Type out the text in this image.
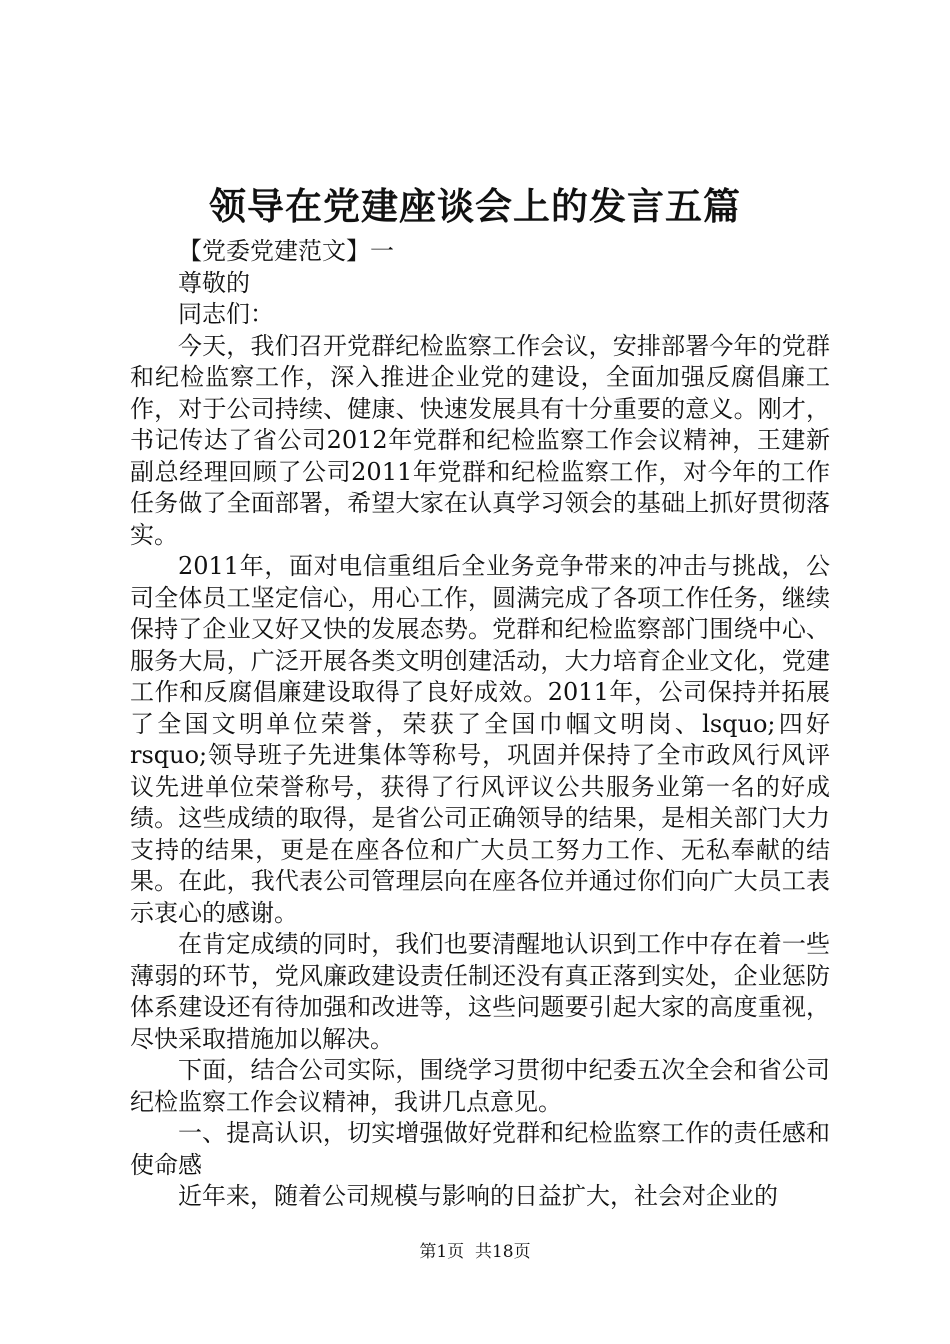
领导在党建座谈会上的发言五篇

【党委党建范文】一

尊敬的

同志们：

今天，我们召开党群纪检监察工作会议，安排部署今年的党群和纪检监察工作，深入推进企业党的建设，全面加强反腐倡廉工作，对于公司持续、健康、快速发展具有十分重要的意义。刚才，书记传达了省公司2012年党群和纪检监察工作会议精神，王建新副总经理回顾了公司2011年党群和纪检监察工作，对今年的工作任务做了全面部署，希望大家在认真学习领会的基础上抓好贯彻落实。

2011年，面对电信重组后全业务竞争带来的冲击与挑战，公司全体员工坚定信心，用心工作，圆满完成了各项工作任务，继续保持了企业又好又快的发展态势。党群和纪检监察部门围绕中心、服务大局，广泛开展各类文明创建活动，大力培育企业文化，党建工作和反腐倡廉建设取得了良好成效。2011年，公司保持并拓展了全国文明单位荣誉，荣获了全国巾帼文明岗、lsquo;四好rsquo;领导班子先进集体等称号，巩固并保持了全市政风行风评议先进单位荣誉称号，获得了行风评议公共服务业第一名的好成绩。这些成绩的取得，是省公司正确领导的结果，是相关部门大力支持的结果，更是在座各位和广大员工努力工作、无私奉献的结果。在此，我代表公司管理层向在座各位并通过你们向广大员工表示衷心的感谢。

在肯定成绩的同时，我们也要清醒地认识到工作中存在着一些薄弱的环节，党风廉政建设责任制还没有真正落到实处，企业惩防体系建设还有待加强和改进等，这些问题要引起大家的高度重视，尽快采取措施加以解决。

下面，结合公司实际，围绕学习贯彻中纪委五次全会和省公司纪检监察工作会议精神，我讲几点意见。

一、提高认识，切实增强做好党群和纪检监察工作的责任感和使命感

近年来，随着公司规模与影响的日益扩大，社会对企业的

第1页  共18页
